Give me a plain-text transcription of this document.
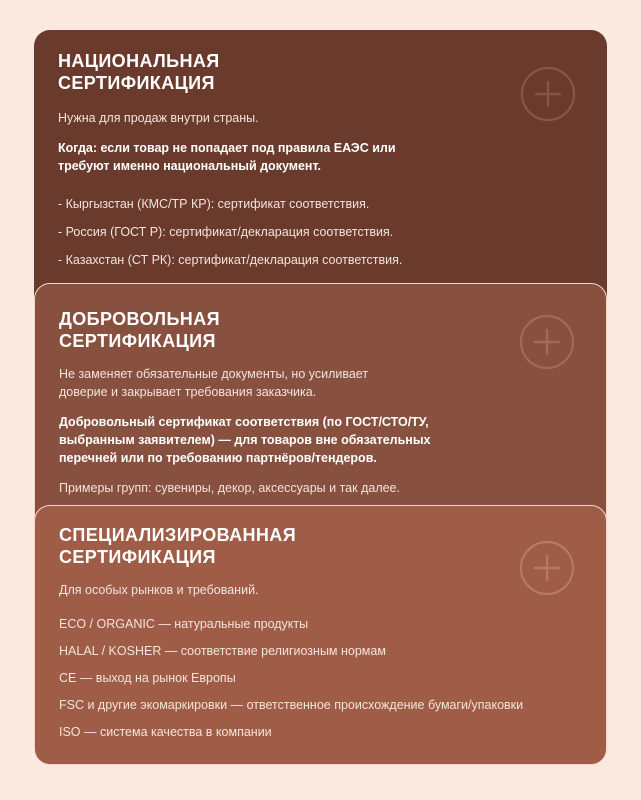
НАЦИОНАЛЬНАЯ СЕРТИФИКАЦИЯ

Нужна для продаж внутри страны.

Когда: если товар не попадает под правила ЕАЭС или требуют именно национальный документ.

- Кыргызстан (КМС/ТР КР): сертификат соответствия.
- Россия (ГОСТ Р): сертификат/декларация соответствия.
- Казахстан (СТ РК): сертификат/декларация соответствия.
ДОБРОВОЛЬНАЯ СЕРТИФИКАЦИЯ

Не заменяет обязательные документы, но усиливает доверие и закрывает требования заказчика.

Добровольный сертификат соответствия (по ГОСТ/СТО/ТУ, выбранным заявителем) — для товаров вне обязательных перечней или по требованию партнёров/тендеров.

Примеры групп: сувениры, декор, аксессуары и так далее.

СПЕЦИАЛИЗИРОВАННАЯ СЕРТИФИКАЦИЯ

Для особых рынков и требований.

ECO / ORGANIC — натуральные продукты
HALAL / KOSHER — соответствие религиозным нормам
CE — выход на рынок Европы
FSC и другие экомаркировки — ответственное происхождение бумаги/упаковки
ISO — система качества в компании
